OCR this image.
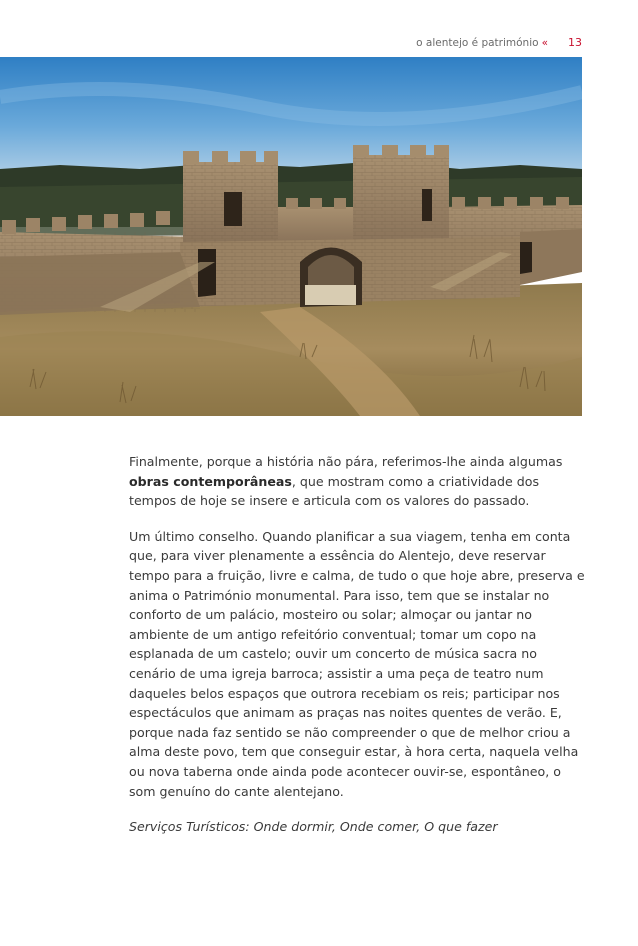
o alentejo é património « 13

Finalmente, porque a história não pára, referimos-lhe ainda algumas obras contemporâneas, que mostram como a criatividade dos tempos de hoje se insere e articula com os valores do passado.

Um último conselho. Quando planificar a sua viagem, tenha em conta que, para viver plenamente a essência do Alentejo, deve reservar tempo para a fruição, livre e calma, de tudo o que hoje abre, preserva e anima o Património monumental. Para isso, tem que se instalar no conforto de um palácio, mosteiro ou solar; almoçar ou jantar no ambiente de um antigo refeitório conventual; tomar um copo na esplanada de um castelo; ouvir um concerto de música sacra no cenário de uma igreja barroca; assistir a uma peça de teatro num daqueles belos espaços que outrora recebiam os reis; participar nos espectáculos que animam as praças nas noites quentes de verão. E, porque nada faz sentido se não compreender o que de melhor criou a alma deste povo, tem que conseguir estar, à hora certa, naquela velha ou nova taberna onde ainda pode acontecer ouvir-se, espontâneo, o som genuíno do cante alentejano.

Serviços Turísticos: Onde dormir, Onde comer, O que fazer
